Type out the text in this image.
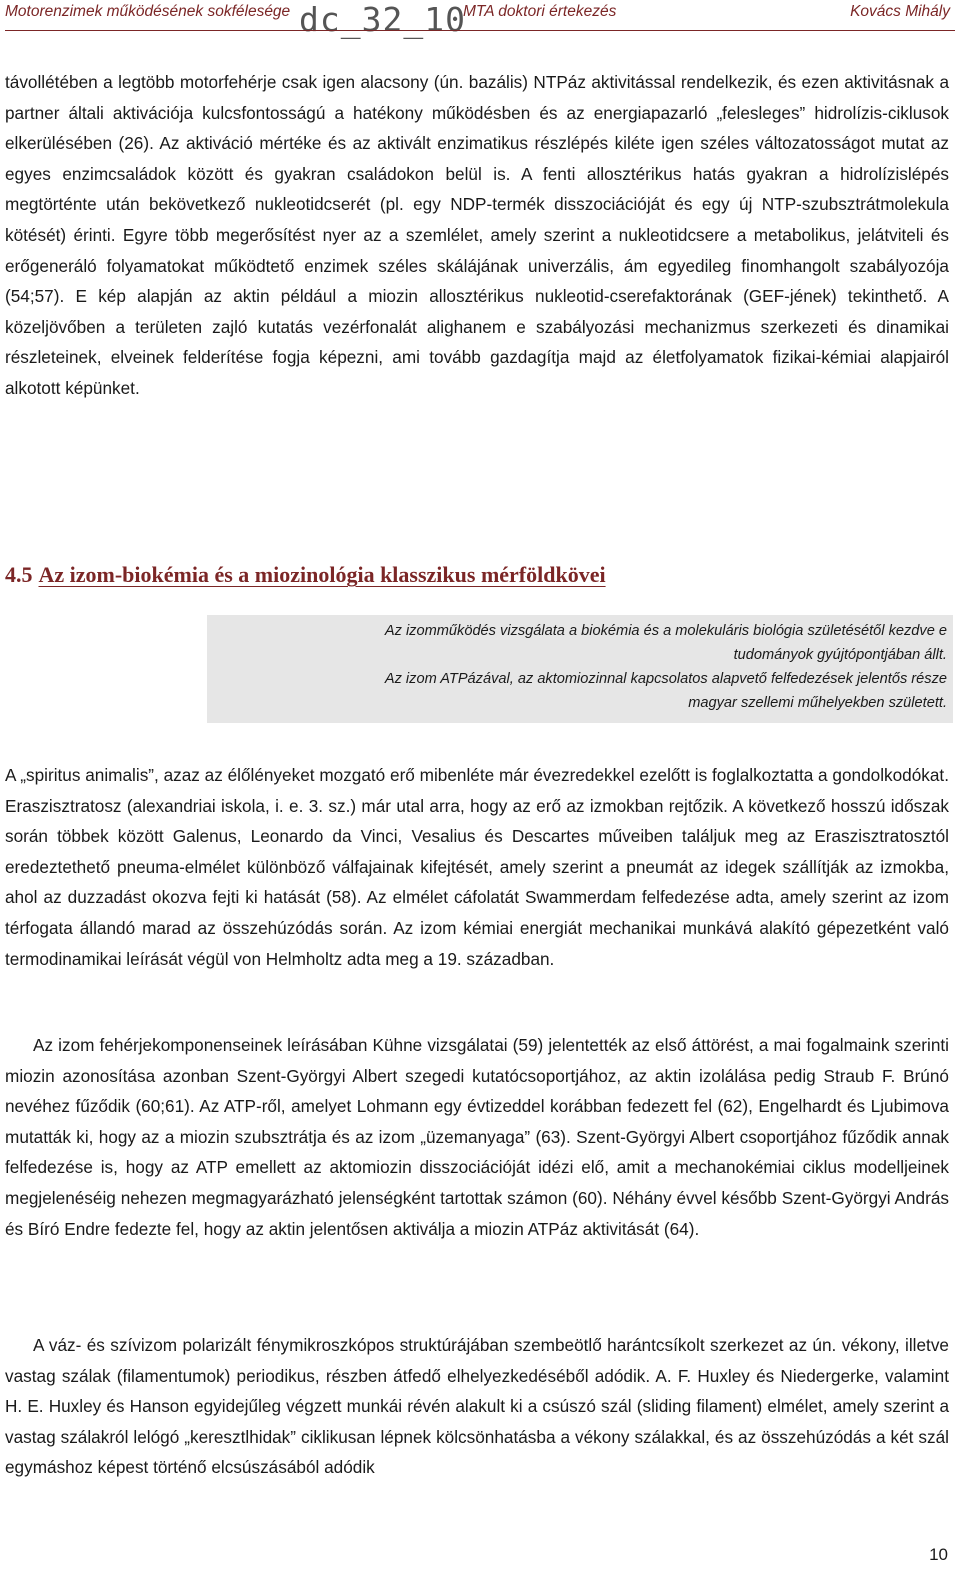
Motorenzimek működésének sokfélesége dc_32_10
MTA doktori értekezés	Kovács Mihály

távollétében a legtöbb motorfehérje csak igen alacsony (ún. bazális) NTPáz aktivitással rendelkezik, és ezen aktivitásnak a partner általi aktivációja kulcsfontosságú a hatékony működésben és az energiapazarló „felesleges” hidrolízis-ciklusok elkerülésében (26). Az aktiváció mértéke és az aktivált enzimatikus részlépés kiléte igen széles változatosságot mutat az egyes enzimcsaládok között és gyakran családokon belül is. A fenti allosztérikus hatás gyakran a hidrolízislépés megtörténte után bekövetkező nukleotidcserét (pl. egy NDP-termék disszociációját és egy új NTP-szubsztrátmolekula kötését) érinti. Egyre több megerősítést nyer az a szemlélet, amely szerint a nukleotidcsere a metabolikus, jelátviteli és erőgeneráló folyamatokat működtető enzimek széles skálájának univerzális, ám egyedileg finomhangolt szabályozója (54;57). E kép alapján az aktin például a miozin allosztérikus nukleotid-cserefaktorának (GEF-jének) tekinthető. A közeljövőben a területen zajló kutatás vezérfonalát alighanem e szabályozási mechanizmus szerkezeti és dinamikai részleteinek, elveinek felderítése fogja képezni, ami tovább gazdagítja majd az életfolyamatok fizikai-kémiai alapjairól alkotott képünket.

4.5 Az izom-biokémia és a miozinológia klasszikus mérföldkövei
Az izomműködés vizsgálata a biokémia és a molekuláris biológia születésétől kezdve e
tudományok gyújtópontjában állt.
Az izom ATPázával, az aktomiozinnal kapcsolatos alapvető felfedezések jelentős része
magyar szellemi műhelyekben született.

A „spiritus animalis”, azaz az élőlényeket mozgató erő mibenléte már évezredekkel ezelőtt is foglalkoztatta a gondolkodókat. Eraszisztratosz (alexandriai iskola, i. e. 3. sz.) már utal arra, hogy az erő az izmokban rejtőzik. A következő hosszú időszak során többek között Galenus, Leonardo da Vinci, Vesalius és Descartes műveiben találjuk meg az Eraszisztratosztól eredeztethető pneuma-elmélet különböző válfajainak kifejtését, amely szerint a pneumát az idegek szállítják az izmokba, ahol az duzzadást okozva fejti ki hatását (58). Az elmélet cáfolatát Swammerdam felfedezése adta, amely szerint az izom térfogata állandó marad az összehúzódás során. Az izom kémiai energiát mechanikai munkává alakító gépezetként való termodinamikai leírását végül von Helmholtz adta meg a 19. században.

Az izom fehérjekomponenseinek leírásában Kühne vizsgálatai (59) jelentették az első áttörést, a mai fogalmaink szerinti miozin azonosítása azonban Szent-Györgyi Albert szegedi kutatócsoportjához, az aktin izolálása pedig Straub F. Brúnó nevéhez fűződik (60;61). Az ATP-ről, amelyet Lohmann egy évtizeddel korábban fedezett fel (62), Engelhardt és Ljubimova mutatták ki, hogy az a miozin szubsztrátja és az izom „üzemanyaga” (63). Szent-Györgyi Albert csoportjához fűződik annak felfedezése is, hogy az ATP emellett az aktomiozin disszociációját idézi elő, amit a mechanokémiai ciklus modelljeinek megjelenéséig nehezen megmagyarázható jelenségként tartottak számon (60). Néhány évvel később Szent-Györgyi András és Bíró Endre fedezte fel, hogy az aktin jelentősen aktiválja a miozin ATPáz aktivitását (64).

A váz- és szívizom polarizált fénymikroszkópos struktúrájában szembeötlő harántcsíkolt szerkezet az ún. vékony, illetve vastag szálak (filamentumok) periodikus, részben átfedő elhelyezkedéséből adódik. A. F. Huxley és Niedergerke, valamint H. E. Huxley és Hanson egyidejűleg végzett munkái révén alakult ki a csúszó szál (sliding filament) elmélet, amely szerint a vastag szálakról lelógó „keresztlhidak” ciklikusan lépnek kölcsönhatásba a vékony szálakkal, és az összehúzódás a két szál egymáshoz képest történő elcsúszásából adódik

10
